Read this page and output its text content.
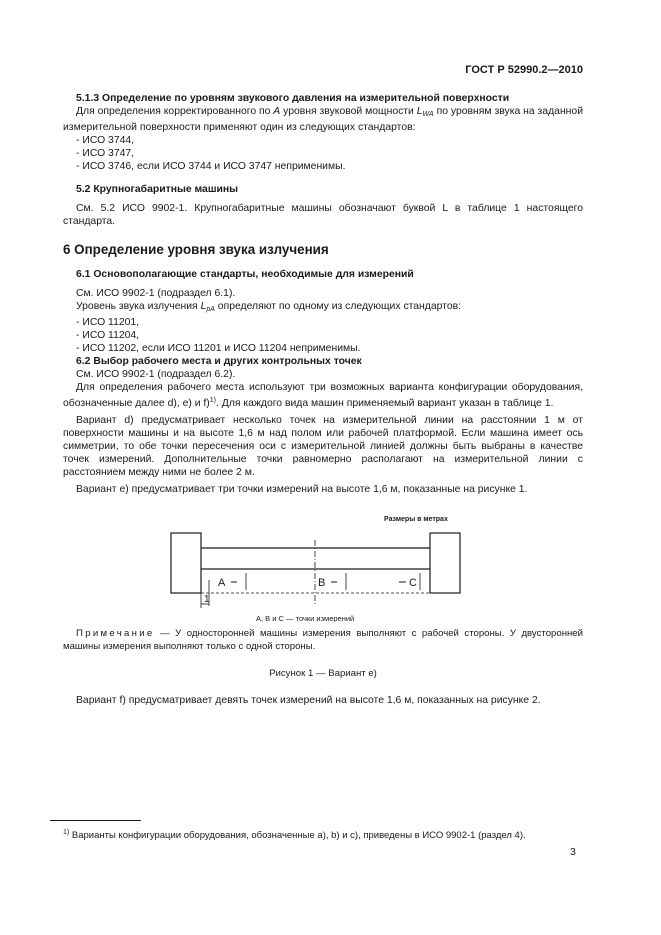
ГОСТ Р 52990.2—2010

5.1.3 Определение по уровням звукового давления на измерительной поверхности

Для определения корректированного по А уровня звуковой мощности $L_{WA}$ по уровням звука на заданной измерительной поверхности применяют один из следующих стандартов:

- ИСО 3744,

- ИСО 3747,

- ИСО 3746, если ИСО 3744 и ИСО 3747 неприменимы.

5.2 Крупногабаритные машины

См. 5.2 ИСО 9902-1. Крупногабаритные машины обозначают буквой L в таблице 1 настоящего стандарта.

6 Определение уровня звука излучения

6.1 Основополагающие стандарты, необходимые для измерений

См. ИСО 9902-1 (подраздел 6.1).

Уровень звука излучения $L_{pA}$ определяют по одному из следующих стандартов:

- ИСО 11201,

- ИСО 11204,

- ИСО 11202, если ИСО 11201 и ИСО 11204 неприменимы.

6.2 Выбор рабочего места и других контрольных точек

См. ИСО 9902-1 (подраздел 6.2).

Для определения рабочего места используют три возможных варианта конфигурации оборудования, обозначенные далее d), e) и f)$^{1)}$. Для каждого вида машин применяемый вариант указан в таблице 1.

Вариант d) предусматривает несколько точек на измерительной линии на расстоянии 1 м от поверхности машины и на высоте 1,6 м над полом или рабочей платформой. Если машина имеет ось симметрии, то обе точки пересечения оси с измерительной линией должны быть выбраны в качестве точек измерений. Дополнительные точки равномерно располагают на измерительной линии с расстоянием между ними не более 2 м.

Вариант е) предусматривает три точки измерений на высоте 1,6 м, показанные на рисунке 1.

Размеры в метрах
А
1
В	С
А, В и С — точки измерений

Примечание — У односторонней машины измерения выполняют с рабочей стороны. У двусторонней машины измерения выполняют только с одной стороны.

Рисунок 1 — Вариант е)

Вариант f) предусматривает девять точек измерений на высоте 1,6 м, показанных на рисунке 2.

$^{1)}$ Варианты конфигурации оборудования, обозначенные а), b) и с), приведены в ИСО 9902-1 (раздел 4).
3
